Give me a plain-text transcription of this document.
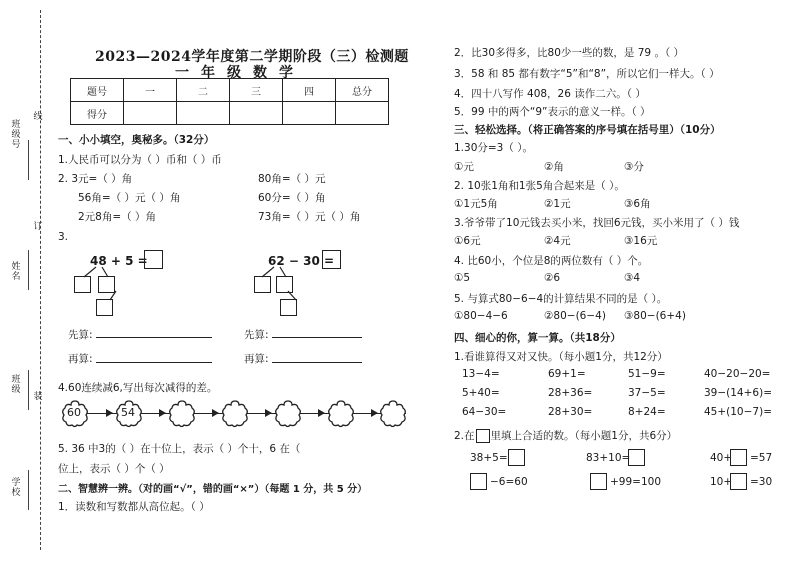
班级号
线
订
姓名
班级
装
学校
2023—2024学年度第二学期阶段（三）检测题
一年级数学
题号	一	二	三	四	总分
得分					
一、小小填空，奥秘多。（32分）
1.人民币可以分为（ ）币和（ ）币
2. 3元=（ ）角	80角=（ ）元
56角=（ ）元（ ）角	60分=（ ）角
2元8角=（ ）角	73角=（ ）元（ ）角
3.
48 + 5 =
先算:
再算:
62 − 30 =
先算:
再算:
4.60连续减6,写出每次减得的差。
60	54
5. 36 中3的（ ）在十位上，表示（ ）个十，6 在（
位上，表示（ ）个（ ）
二、智慧辨一辨。（对的画“√”，错的画“×”）（每题 1 分，共 5 分）
1．读数和写数都从高位起。（ ）
2．比30多得多，比80少一些的数，是 79 。（ ）
3．58 和 85 都有数字“5”和“8”，所以它们一样大。（ ）
4．四十八写作 408，26 读作二六。（ ）
5．99 中的两个“9”表示的意义一样。（ ）
三、轻松选择。（将正确答案的序号填在括号里）（10分）
1.30分=3（ ）。
①元	②角	③分
2. 10张1角和1张5角合起来是（ ）。
①1元5角	②1元	③6角
3.爷爷带了10元钱去买小米，找回6元钱，买小米用了（ ）钱
①6元	②4元	③16元
4. 比60小，个位是8的两位数有（ ）个。
①5	②6	③4
5. 与算式80−6−4的计算结果不同的是（ ）。
①80−4−6	②80−(6−4) ③80−(6+4)
四、细心的你，算一算。（共18分）
1.看谁算得又对又快。（每小题1分，共12分）
13−4=	69+1=	51−9=	40−20−20=
5+40=	28+36=	37−5=	39−(14+6)=
64−30=	28+30=	8+24=	45+(10−7)=
2.在 里填上合适的数。（每小题1分，共6分）
38+5=	83+10=	40+ =57
−6=60	+99=100	10+ =30
